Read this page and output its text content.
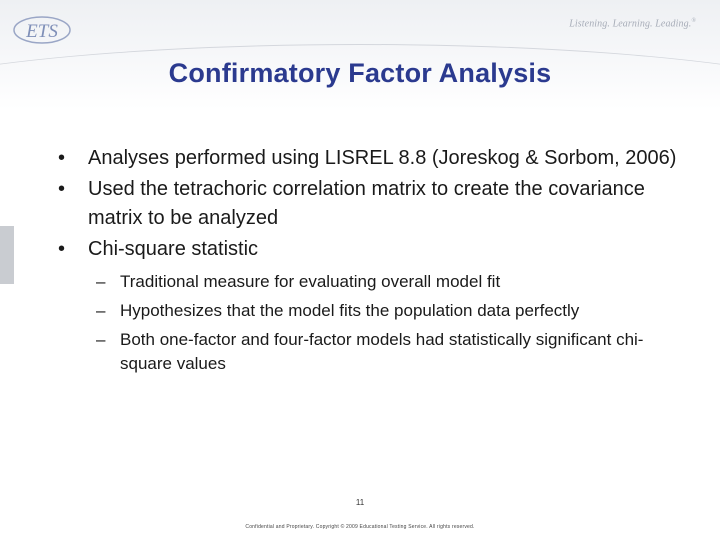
ETS	Listening. Learning. Leading.®
Confirmatory Factor Analysis
• Analyses performed using LISREL 8.8 (Joreskog & Sorbom, 2006)
• Used the tetrachoric correlation matrix to create the covariance matrix to be analyzed
• Chi-square statistic
– Traditional measure for evaluating overall model fit
– Hypothesizes that the model fits the population data perfectly
– Both one-factor and four-factor models had statistically significant chi-square values
11
Confidential and Proprietary. Copyright © 2009 Educational Testing Service. All rights reserved.
